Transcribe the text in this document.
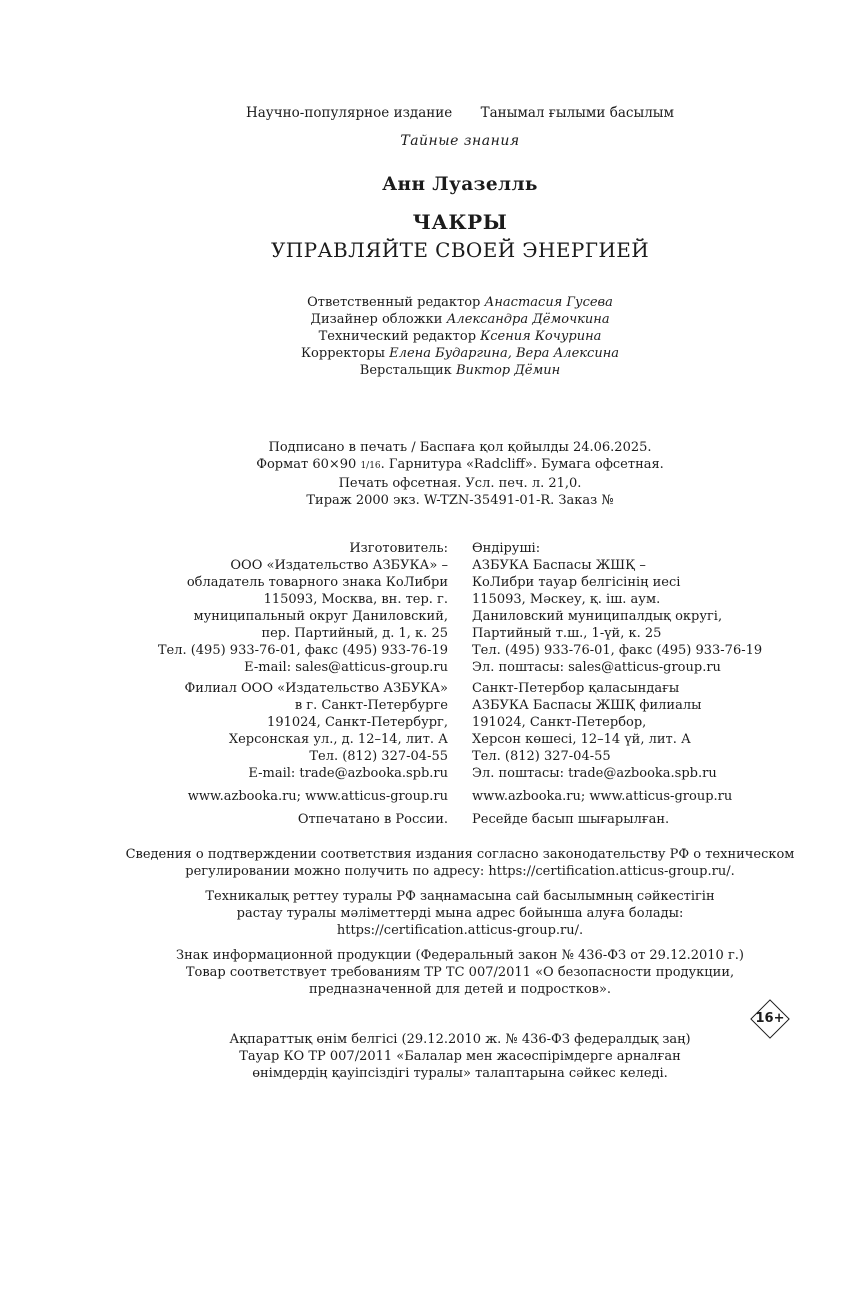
Научно-популярное издание Танымал ғылыми басылым
Тайные знания
Анн Луазелль
ЧАКРЫ
УПРАВЛЯЙТЕ СВОЕЙ ЭНЕРГИЕЙ
Ответственный редактор Анастасия Гусева
Дизайнер обложки Александра Дёмочкина
Технический редактор Ксения Кочурина
Корректоры Елена Бударгина, Вера Алексина
Верстальщик Виктор Дёмин
Подписано в печать / Баспаға қол қойылды 24.06.2025.
Формат 60×90 1/16. Гарнитура «Radcliff». Бумага офсетная.
Печать офсетная. Усл. печ. л. 21,0.
Тираж 2000 экз. W-TZN-35491-01-R. Заказ №
Изготовитель:
ООО «Издательство АЗБУКА» –
обладатель товарного знака КоЛибри
115093, Москва, вн. тер. г.
муниципальный округ Даниловский,
пер. Партийный, д. 1, к. 25
Тел. (495) 933-76-01, факс (495) 933-76-19
E-mail: sales@atticus-group.ru
Өндіруші:
АЗБУКА Баспасы ЖШҚ –
КоЛибри тауар белгісінің иесі
115093, Мәскеу, қ. іш. аум.
Даниловский муниципалдық округі,
Партийный т.ш., 1-үй, к. 25
Тел. (495) 933-76-01, факс (495) 933-76-19
Эл. поштасы: sales@atticus-group.ru
Филиал ООО «Издательство АЗБУКА»
в г. Санкт-Петербурге
191024, Санкт-Петербург,
Херсонская ул., д. 12–14, лит. А
Тел. (812) 327-04-55
E-mail: trade@azbooka.spb.ru
Санкт-Петербор қаласындағы
АЗБУКА Баспасы ЖШҚ филиалы
191024, Санкт-Петербор,
Херсон көшесі, 12–14 үй, лит. А
Тел. (812) 327-04-55
Эл. поштасы: trade@azbooka.spb.ru
www.azbooka.ru; www.atticus-group.ru www.azbooka.ru; www.atticus-group.ru
Отпечатано в России. Ресейде басып шығарылған.
Сведения о подтверждении соответствия издания согласно законодательству РФ о техническом
регулировании можно получить по адресу: https://certification.atticus-group.ru/.
Техникалық реттеу туралы РФ заңнамасына сай басылымның сәйкестігін
растау туралы мәліметтерді мына адрес бойынша алуға болады:
https://certification.atticus-group.ru/.
Знак информационной продукции (Федеральный закон № 436-ФЗ от 29.12.2010 г.)
Товар соответствует требованиям ТР ТС 007/2011 «О безопасности продукции,
предназначенной для детей и подростков».
16+
Ақпараттық өнім белгісі (29.12.2010 ж. № 436-ФЗ федералдық заң)
Тауар КО ТР 007/2011 «Балалар мен жасөспірімдерге арналған
өнімдердің қауіпсіздігі туралы» талаптарына сәйкес келеді.
